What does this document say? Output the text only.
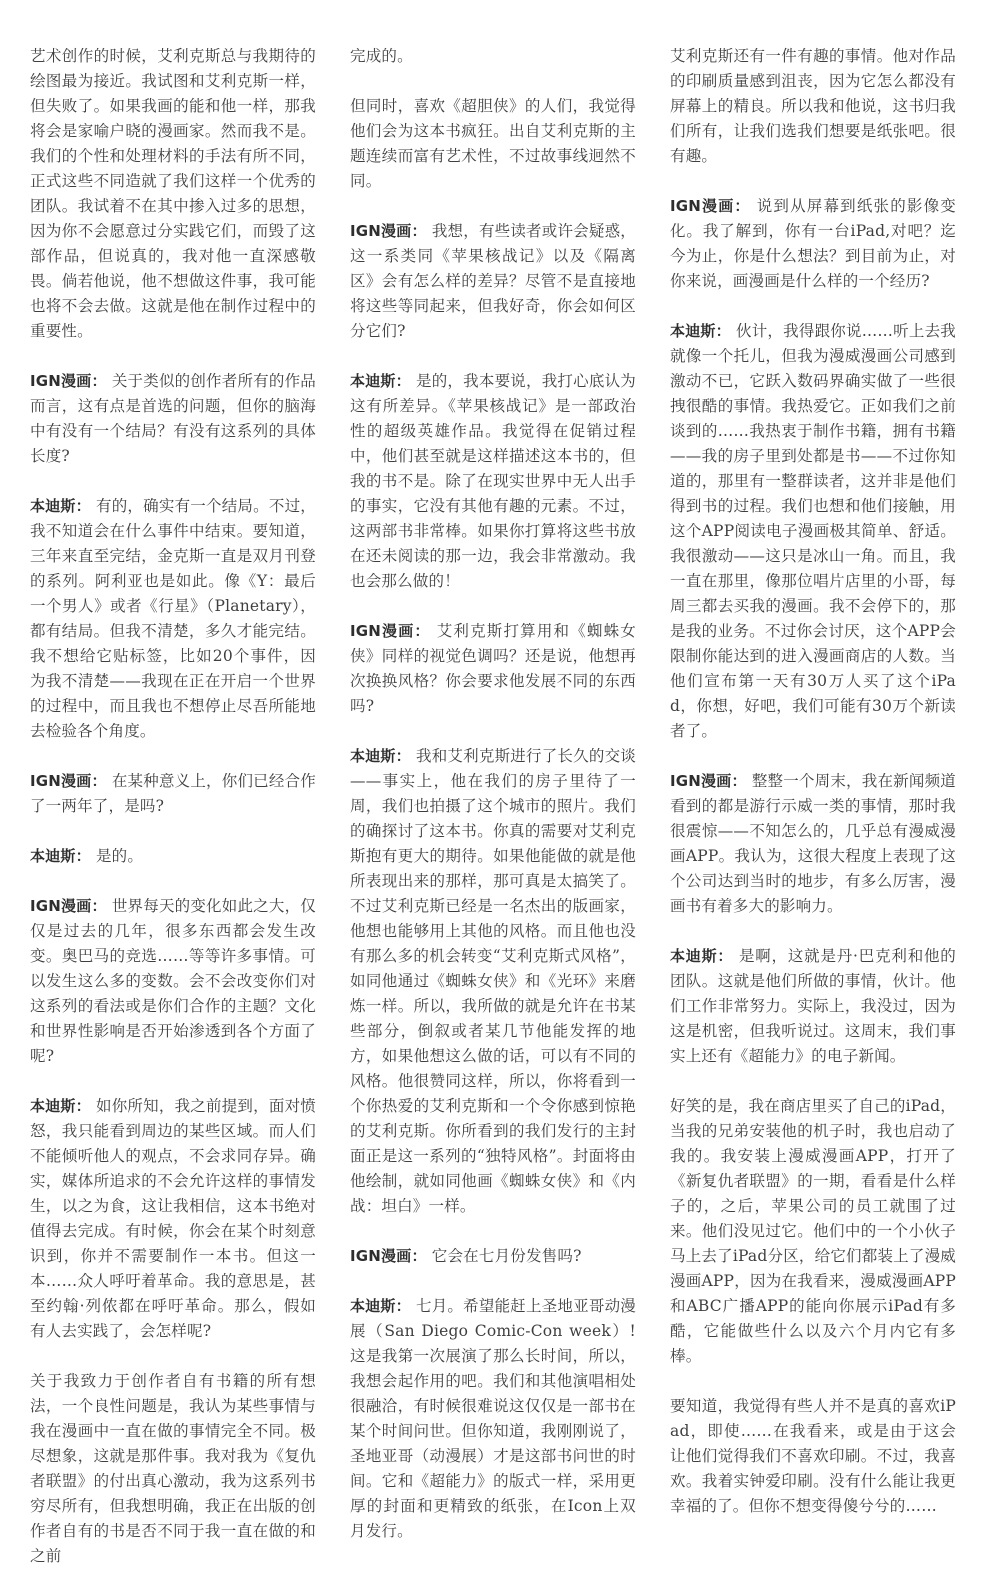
艺术创作的时候，艾利克斯总与我期待的绘图最为接近。我试图和艾利克斯一样，但失败了。如果我画的能和他一样，那我将会是家喻户晓的漫画家。然而我不是。我们的个性和处理材料的手法有所不同，正式这些不同造就了我们这样一个优秀的团队。我试着不在其中掺入过多的思想，因为你不会愿意过分实践它们，而毁了这部作品，但说真的，我对他一直深感敬畏。倘若他说，他不想做这件事，我可能也将不会去做。这就是他在制作过程中的重要性。

IGN漫画： 关于类似的创作者所有的作品而言，这有点是首选的问题，但你的脑海中有没有一个结局？有没有这系列的具体长度?

本迪斯： 有的，确实有一个结局。不过，我不知道会在什么事件中结束。要知道，三年来直至完结，金克斯一直是双月刊登的系列。阿利亚也是如此。像《Y：最后一个男人》或者《行星》（Planetary），都有结局。但我不清楚，多久才能完结。我不想给它贴标签，比如20个事件，因为我不清楚——我现在正在开启一个世界的过程中，而且我也不想停止尽吾所能地去检验各个角度。

IGN漫画： 在某种意义上，你们已经合作了一两年了，是吗?

本迪斯： 是的。

IGN漫画： 世界每天的变化如此之大，仅仅是过去的几年，很多东西都会发生改变。奥巴马的竞选……等等许多事情。可以发生这么多的变数。会不会改变你们对这系列的看法或是你们合作的主题？文化和世界性影响是否开始渗透到各个方面了呢?

本迪斯： 如你所知，我之前提到，面对愤怒，我只能看到周边的某些区域。而人们不能倾听他人的观点，不会求同存异。确实，媒体所追求的不会允许这样的事情发生，以之为食，这让我相信，这本书绝对值得去完成。有时候，你会在某个时刻意识到，你并不需要制作一本书。但这一本……众人呼吁着革命。我的意思是，甚至约翰·列侬都在呼吁革命。那么，假如有人去实践了，会怎样呢?

关于我致力于创作者自有书籍的所有想法，一个良性问题是，我认为某些事情与我在漫画中一直在做的事情完全不同。极尽想象，这就是那件事。我对我为《复仇者联盟》的付出真心激动，我为这系列书穷尽所有，但我想明确，我正在出版的创作者自有的书是否不同于我一直在做的和之前

完成的。

但同时，喜欢《超胆侠》的人们，我觉得他们会为这本书疯狂。出自艾利克斯的主题连续而富有艺术性，不过故事线迥然不同。

IGN漫画： 我想，有些读者或许会疑惑，这一系类同《苹果核战记》以及《隔离区》会有怎么样的差异？尽管不是直接地将这些等同起来，但我好奇，你会如何区分它们?

本迪斯： 是的，我本要说，我打心底认为这有所差异。《苹果核战记》是一部政治性的超级英雄作品。我觉得在促销过程中，他们甚至就是这样描述这本书的，但我的书不是。除了在现实世界中无人出手的事实，它没有其他有趣的元素。不过，这两部书非常棒。如果你打算将这些书放在还未阅读的那一边，我会非常激动。我也会那么做的！

IGN漫画： 艾利克斯打算用和《蜘蛛女侠》同样的视觉色调吗？还是说，他想再次换换风格？你会要求他发展不同的东西吗?

本迪斯： 我和艾利克斯进行了长久的交谈——事实上，他在我们的房子里待了一周，我们也拍摄了这个城市的照片。我们的确探讨了这本书。你真的需要对艾利克斯抱有更大的期待。如果他能做的就是他所表现出来的那样，那可真是太搞笑了。不过艾利克斯已经是一名杰出的版画家，他想也能够用上其他的风格。而且他也没有那么多的机会转变“艾利克斯式风格”，如同他通过《蜘蛛女侠》和《光环》来磨炼一样。所以，我所做的就是允许在书某些部分，倒叙或者某几节他能发挥的地方，如果他想这么做的话，可以有不同的风格。他很赞同这样，所以，你将看到一个你热爱的艾利克斯和一个令你感到惊艳的艾利克斯。你所看到的我们发行的主封面正是这一系列的“独特风格”。封面将由他绘制，就如同他画《蜘蛛女侠》和《内战：坦白》一样。

IGN漫画： 它会在七月份发售吗?

本迪斯： 七月。希望能赶上圣地亚哥动漫展（San Diego Comic-Con week）!这是我第一次展演了那么长时间，所以，我想会起作用的吧。我们和其他演唱相处很融洽，有时候很难说这仅仅是一部书在某个时间问世。但你知道，我刚刚说了，圣地亚哥（动漫展）才是这部书问世的时间。它和《超能力》的版式一样，采用更厚的封面和更精致的纸张，在Icon上双月发行。

艾利克斯还有一件有趣的事情。他对作品的印刷质量感到沮丧，因为它怎么都没有屏幕上的精良。所以我和他说，这书归我们所有，让我们选我们想要是纸张吧。很有趣。

IGN漫画： 说到从屏幕到纸张的影像变化。我了解到，你有一台iPad,对吧？迄今为止，你是什么想法？到目前为止，对你来说，画漫画是什么样的一个经历?

本迪斯： 伙计，我得跟你说……听上去我就像一个托儿，但我为漫威漫画公司感到激动不已，它跃入数码界确实做了一些很拽很酷的事情。我热爱它。正如我们之前谈到的……我热衷于制作书籍，拥有书籍——我的房子里到处都是书——不过你知道的，那里有一整群读者，这并非是他们得到书的过程。我们也想和他们接触，用这个APP阅读电子漫画极其简单、舒适。我很激动——这只是冰山一角。而且，我一直在那里，像那位唱片店里的小哥，每周三都去买我的漫画。我不会停下的，那是我的业务。不过你会讨厌，这个APP会限制你能达到的进入漫画商店的人数。当他们宣布第一天有30万人买了这个iPad，你想，好吧，我们可能有30万个新读者了。

IGN漫画： 整整一个周末，我在新闻频道看到的都是游行示威一类的事情，那时我很震惊——不知怎么的，几乎总有漫威漫画APP。我认为，这很大程度上表现了这个公司达到当时的地步，有多么厉害，漫画书有着多大的影响力。

本迪斯： 是啊，这就是丹·巴克利和他的团队。这就是他们所做的事情，伙计。他们工作非常努力。实际上，我没过，因为这是机密，但我听说过。这周末，我们事实上还有《超能力》的电子新闻。

好笑的是，我在商店里买了自己的iPad，当我的兄弟安装他的机子时，我也启动了我的。我安装上漫威漫画APP，打开了《新复仇者联盟》的一期，看看是什么样子的，之后，苹果公司的员工就围了过来。他们没见过它。他们中的一个小伙子马上去了iPad分区，给它们都装上了漫威漫画APP，因为在我看来，漫威漫画APP和ABC广播APP的能向你展示iPad有多酷，它能做些什么以及六个月内它有多棒。

要知道，我觉得有些人并不是真的喜欢iPad，即使……在我看来，或是由于这会让他们觉得我们不喜欢印刷。不过，我喜欢。我着实钟爱印刷。没有什么能让我更幸福的了。但你不想变得傻兮兮的……
